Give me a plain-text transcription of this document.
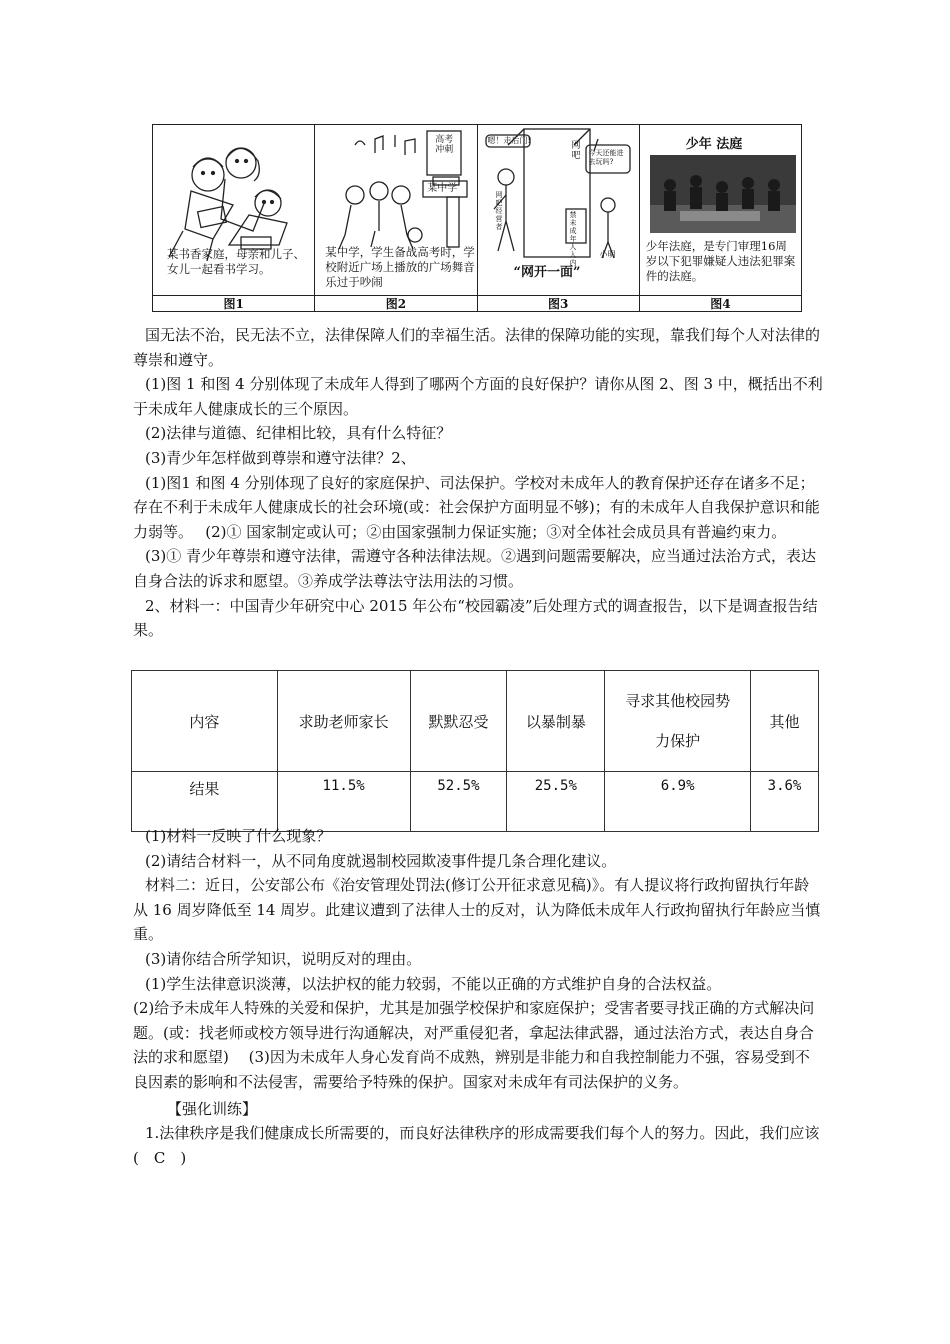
某书香家庭，母亲和儿子、女儿一起看书学习。
高考冲刺
某中学
某中学，学生备战高考时，学校附近广场上播放的广场舞音乐过于吵闹
嗯！走后门!
今天还能进去玩吗?
网吧
禁未成年人入内
网吧经营者
小明
“网开一面”
少年 法庭
少年法庭，是专门审理16周岁以下犯罪嫌疑人违法犯罪案件的法庭。
图1	图2	图3	图4

国无法不治，民无法不立，法律保障人们的幸福生活。法律的保障功能的实现，靠我们每个人对法律的尊崇和遵守。

(1)图 1 和图 4 分别体现了未成年人得到了哪两个方面的良好保护？请你从图 2、图 3 中，概括出不利于未成年人健康成长的三个原因。

(2)法律与道德、纪律相比较，具有什么特征？

(3)青少年怎样做到尊崇和遵守法律？2、

(1)图1 和图 4 分别体现了良好的家庭保护、司法保护。学校对未成年人的教育保护还存在诸多不足；存在不利于未成年人健康成长的社会环境(或：社会保护方面明显不够)；有的未成年人自我保护意识和能力弱等。　 (2)① 国家制定或认可；②由国家强制力保证实施；③对全体社会成员具有普遍约束力。

(3)① 青少年尊崇和遵守法律，需遵守各种法律法规。②遇到问题需要解决，应当通过法治方式，表达自身合法的诉求和愿望。③养成学法尊法守法用法的习惯。

2、材料一：中国青少年研究中心 2015 年公布“校园霸凌”后处理方式的调查报告，以下是调查报告结果。

内容	求助老师家长	默默忍受	以暴制暴	寻求其他校园势
力保护	其他
结果	11.5%	52.5%	25.5%	6.9%	3.6%

(1)材料一反映了什么现象？

(2)请结合材料一，从不同角度就遏制校园欺凌事件提几条合理化建议。

材料二：近日，公安部公布《治安管理处罚法(修订公开征求意见稿)》。有人提议将行政拘留执行年龄从 16 周岁降低至 14 周岁。此建议遭到了法律人士的反对，认为降低未成年人行政拘留执行年龄应当慎重。

(3)请你结合所学知识，说明反对的理由。

(1)学生法律意识淡薄，以法护权的能力较弱，不能以正确的方式维护自身的合法权益。

(2)给予未成年人特殊的关爱和保护，尤其是加强学校保护和家庭保护；受害者要寻找正确的方式解决问题。(或：找老师或校方领导进行沟通解决，对严重侵犯者，拿起法律武器，通过法治方式，表达自身合法的求和愿望)　 (3)因为未成年人身心发育尚不成熟，辨别是非能力和自我控制能力不强，容易受到不良因素的影响和不法侵害，需要给予特殊的保护。国家对未成年有司法保护的义务。

【强化训练】

1.法律秩序是我们健康成长所需要的，而良好法律秩序的形成需要我们每个人的努力。因此，我们应该(　C　)
